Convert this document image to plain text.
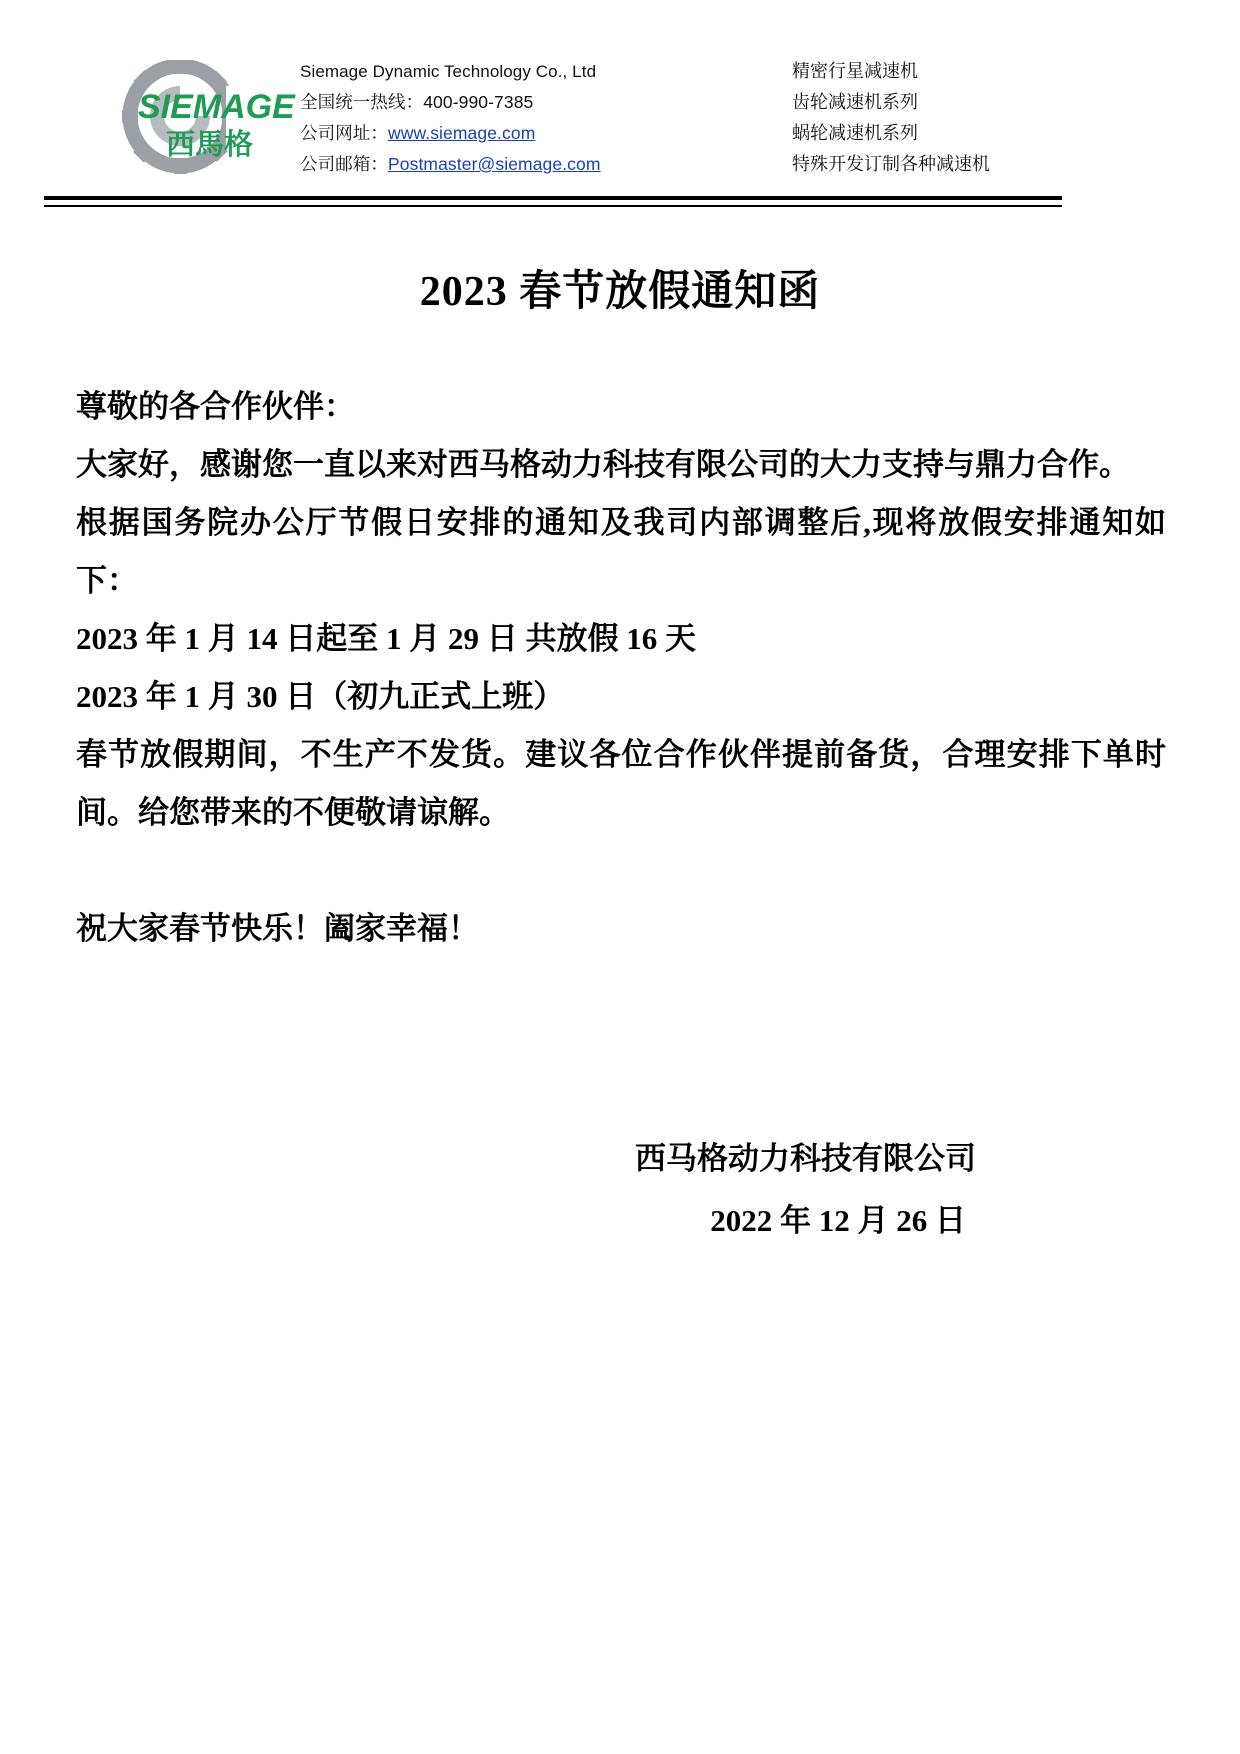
SIEMAGE
西馬格
Siemage Dynamic Technology Co., Ltd
全国统一热线：400-990-7385
公司网址：www.siemage.com
公司邮箱：Postmaster@siemage.com
精密行星减速机
齿轮减速机系列
蜗轮减速机系列
特殊开发订制各种减速机
2023 春节放假通知函

尊敬的各合作伙伴：

大家好，感谢您一直以来对西马格动力科技有限公司的大力支持与鼎力合作。

根据国务院办公厅节假日安排的通知及我司内部调整后,现将放假安排通知如下：

2023 年 1 月 14 日起至 1 月 29 日 共放假 16 天

2023 年 1 月 30 日（初九正式上班）

春节放假期间，不生产不发货。建议各位合作伙伴提前备货，合理安排下单时间。给您带来的不便敬请谅解。

祝大家春节快乐！阖家幸福！

西马格动力科技有限公司
2022 年 12 月 26 日
